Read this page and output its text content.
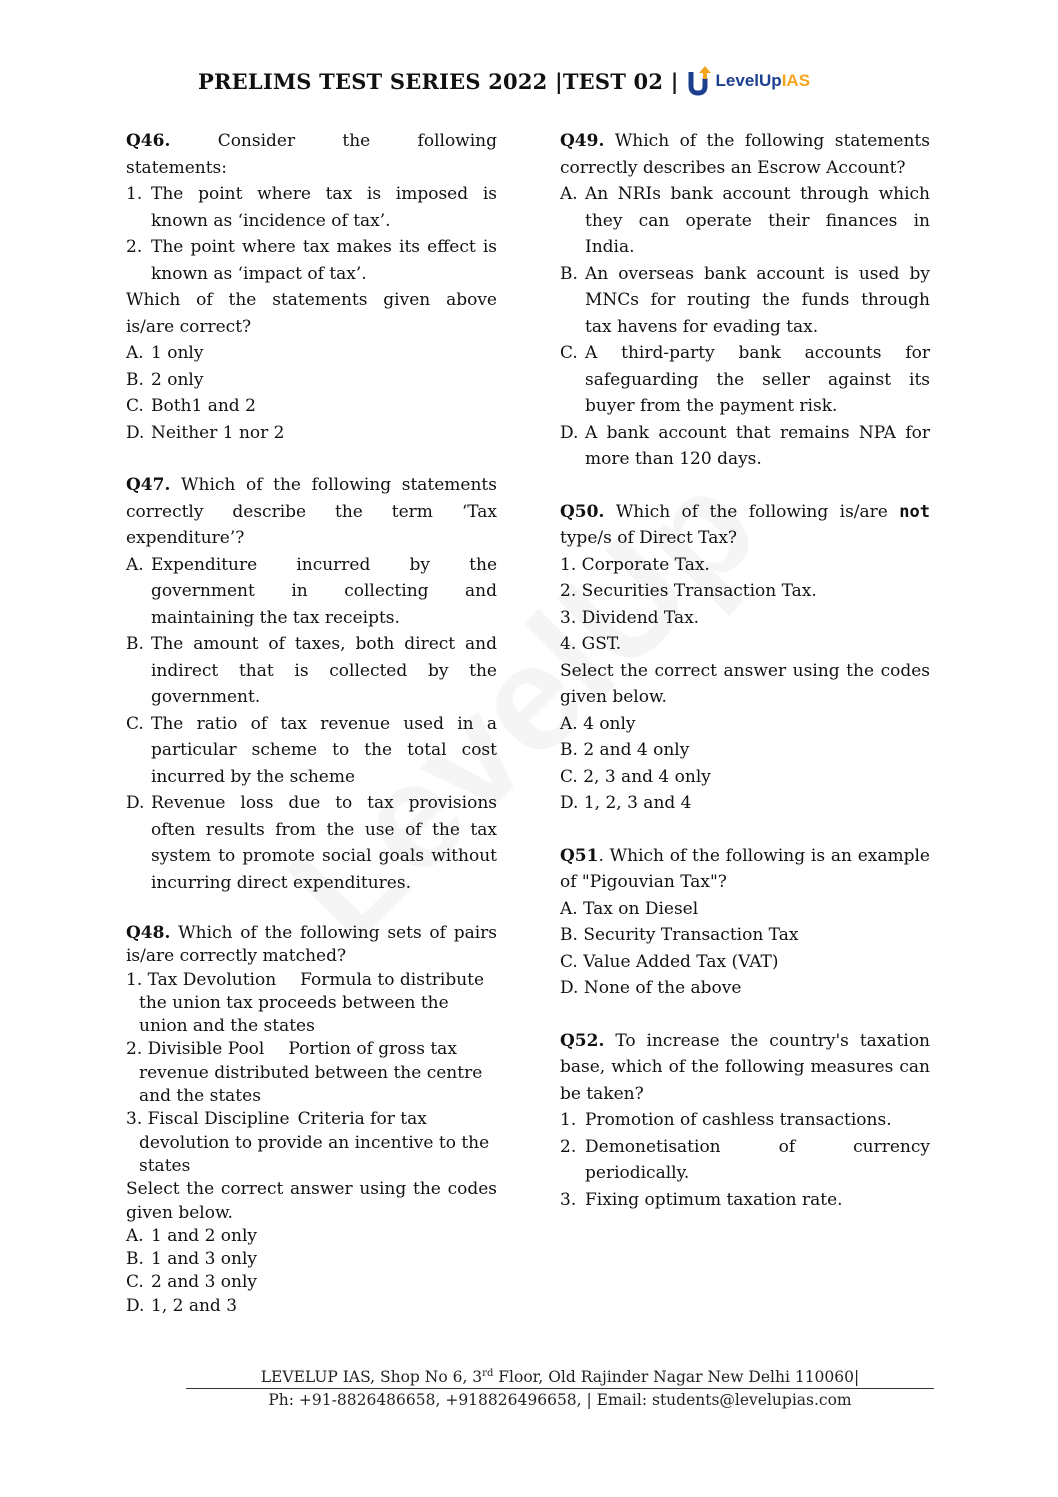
PRELIMS TEST SERIES 2022 |TEST 02 | LevelUpIAS
Q46.	Consider the following
statements:
1. The point where tax is imposed is known as ‘incidence of tax’.
2. The point where tax makes its effect is known as ‘impact of tax’.
Which of the statements given above is/are correct?
A. 1 only
B. 2 only
C. Both1 and 2
D. Neither 1 nor 2
Q47. Which of the following statements correctly describe the term ‘Tax expenditure’?
A. Expenditure incurred by the government in collecting and maintaining the tax receipts.
B. The amount of taxes, both direct and indirect that is collected by the government.
C. The ratio of tax revenue used in a particular scheme to the total cost incurred by the scheme
D. Revenue loss due to tax provisions often results from the use of the tax system to promote social goals without incurring direct expenditures.
Q48. Which of the following sets of pairs is/are correctly matched?
1. Tax Devolution Formula to distribute the union tax proceeds between the union and the states
2. Divisible Pool Portion of gross tax revenue distributed between the centre and the states
3. Fiscal Discipline Criteria for tax devolution to provide an incentive to the states
Select the correct answer using the codes given below.
A. 1 and 2 only
B. 1 and 3 only
C. 2 and 3 only
D. 1, 2 and 3
Q49. Which of the following statements correctly describes an Escrow Account?
A. An NRIs bank account through which they can operate their finances in India.
B. An overseas bank account is used by MNCs for routing the funds through tax havens for evading tax.
C. A third-party bank accounts for safeguarding the seller against its buyer from the payment risk.
D. A bank account that remains NPA for more than 120 days.
Q50. Which of the following is/are not type/s of Direct Tax?
1. Corporate Tax.
2. Securities Transaction Tax.
3. Dividend Tax.
4. GST.
Select the correct answer using the codes given below.
A. 4 only
B. 2 and 4 only
C. 2, 3 and 4 only
D. 1, 2, 3 and 4
Q51. Which of the following is an example of "Pigouvian Tax"?
A. Tax on Diesel
B. Security Transaction Tax
C. Value Added Tax (VAT)
D. None of the above
Q52. To increase the country's taxation base, which of the following measures can be taken?
1. Promotion of cashless transactions.
2. Demonetisation of currency periodically.
3. Fixing optimum taxation rate.
LEVELUP IAS, Shop No 6, 3rd Floor, Old Rajinder Nagar New Delhi 110060|
Ph: +91-8826486658, +918826496658, | Email: students@levelupias.com
